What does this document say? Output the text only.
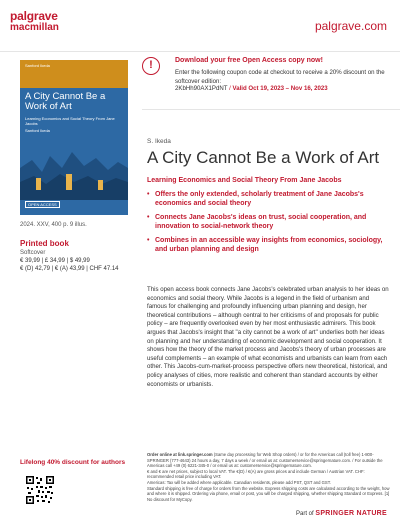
palgrave
macmillan	palgrave.com
!	Download your free Open Access copy now!
Enter the following coupon code at checkout to receive a 20% discount on the softcover edition:
2KbHh90AX1PdNT / Valid Oct 19, 2023 – Nov 16, 2023
Sanford Ikeda
A City Cannot Be a Work of Art
Learning Economics and Social Theory From Jane Jacobs
Sanford Ikeda
OPEN ACCESS
2024. XXV, 400 p. 9 illus.
Printed book
Softcover
€ 39,99 | £ 34,99 | $ 49,99
€ (D) 42,79 | € (A) 43,99 | CHF 47.14
S. Ikeda
A City Cannot Be a Work of Art
Learning Economics and Social Theory From Jane Jacobs
• Offers the only extended, scholarly treatment of Jane Jacobs's economics and social theory
• Connects Jane Jacobs's ideas on trust, social cooperation, and innovation to social-network theory
• Combines in an accessible way insights from economics, sociology, and urban planning and design
This open access book connects Jane Jacobs's celebrated urban analysis to her ideas on economics and social theory. While Jacobs is a legend in the field of urbanism and famous for challenging and profoundly influencing urban planning and design, her theoretical contributions – although central to her criticisms of and proposals for public policy – are frequently overlooked even by her most enthusiastic admirers. This book argues that Jacobs's insight that "a city cannot be a work of art" underlies both her ideas on planning and her understanding of economic development and social cooperation. It shows how the theory of the market process and Jacobs's theory of urban processes are useful complements – an example of what economists and urbanists can learn from each other. This Jacobs-cum-market-process perspective offers new theoretical, historical, and policy analyses of cities, more realistic and coherent than standard accounts by either economists or urbanists.
Order online at link.springer.com (Same day processing for Web Shop orders) / or for the Americas call (toll free) 1-800-SPRINGER (777-4643) 24 hours a day, 7 days a week / or email us at: customerservice@springernature.com. / For outside the Americas call +49 (0) 6221-345-0 / or email us at: customerservice@springernature.com.
€ and € are net prices, subject to local VAT. The €(D) / €(A) are gross prices and include German / Austrian VAT. CHF: recommended retail price including VAT.
Americas: Tax will be added where applicable. Canadian residents, please add PST, QST and GST.
Standard shipping is free of charge for orders from the website. Express shipping costs are calculated according to the weight, how and where it is shipped. Ordering via phone, email or post, you will be charged shipping, whether shipping Standard or Express. [1] No discount for MyCopy.
Lifelong 40% discount for authors
Part of SPRINGER NATURE
